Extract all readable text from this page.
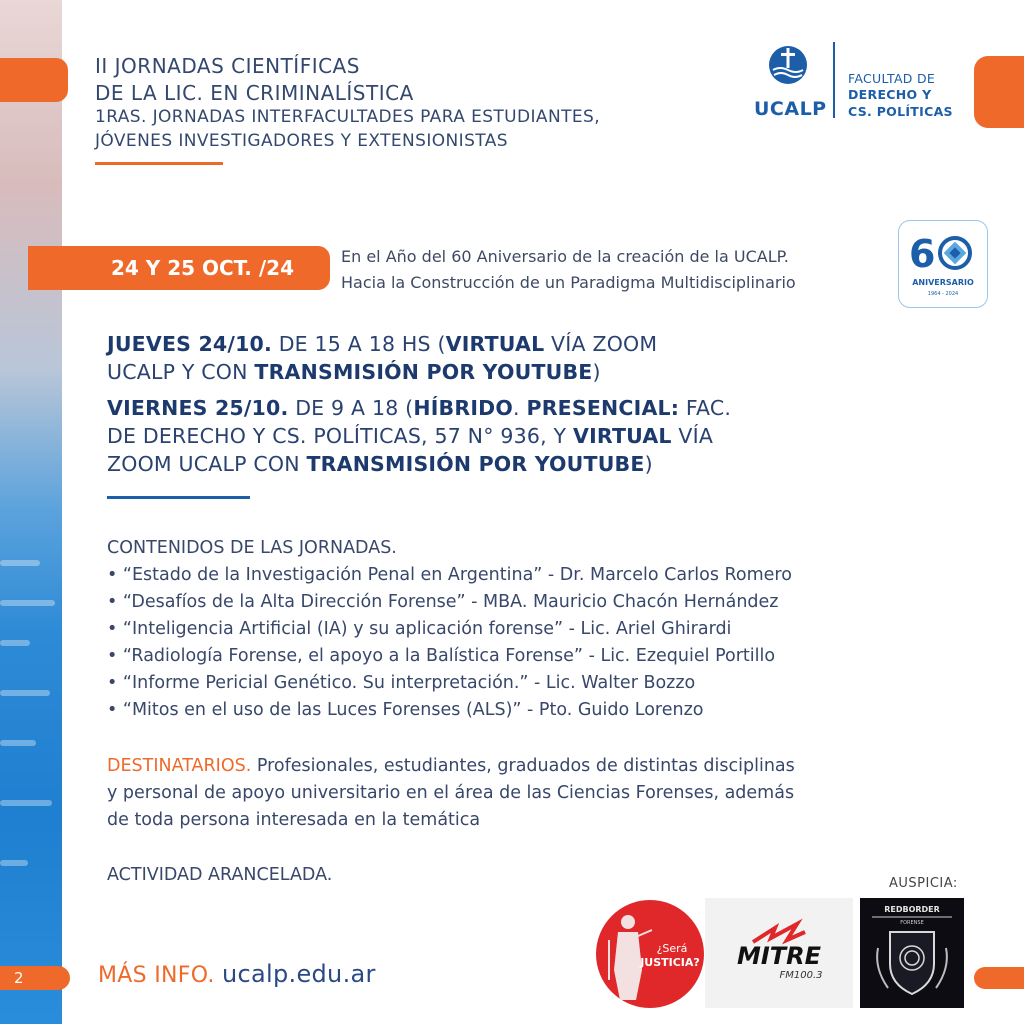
II JORNADAS CIENTÍFICAS
DE LA LIC. EN CRIMINALÍSTICA
1RAS. JORNADAS INTERFACULTADES PARA ESTUDIANTES,
JÓVENES INVESTIGADORES Y EXTENSIONISTAS
UCALP
FACULTAD DE
DERECHO Y
CS. POLÍTICAS
24 Y 25 OCT. /24	En el Año del 60 Aniversario de la creación de la UCALP.
Hacia la Construcción de un Paradigma Multidisciplinario
6
ANIVERSARIO
1964 - 2024
JUEVES 24/10. DE 15 A 18 HS (VIRTUAL VÍA ZOOM
UCALP Y CON TRANSMISIÓN POR YOUTUBE)
VIERNES 25/10. DE 9 A 18 (HÍBRIDO. PRESENCIAL: FAC.
DE DERECHO Y CS. POLÍTICAS, 57 N° 936, Y VIRTUAL VÍA
ZOOM UCALP CON TRANSMISIÓN POR YOUTUBE)
CONTENIDOS DE LAS JORNADAS.
• “Estado de la Investigación Penal en Argentina” - Dr. Marcelo Carlos Romero
• “Desafíos de la Alta Dirección Forense” - MBA. Mauricio Chacón Hernández
• “Inteligencia Artificial (IA) y su aplicación forense” - Lic. Ariel Ghirardi
• “Radiología Forense, el apoyo a la Balística Forense” - Lic. Ezequiel Portillo
• “Informe Pericial Genético. Su interpretación.” - Lic. Walter Bozzo
• “Mitos en el uso de las Luces Forenses (ALS)” - Pto. Guido Lorenzo
DESTINATARIOS. Profesionales, estudiantes, graduados de distintas disciplinas
y personal de apoyo universitario en el área de las Ciencias Forenses, además
de toda persona interesada en la temática
ACTIVIDAD ARANCELADA.	AUSPICIA:
¿Será
JUSTICIA? MITRE
FM100.3
REDBORDER
FORENSE
2	MÁS INFO. ucalp.edu.ar
